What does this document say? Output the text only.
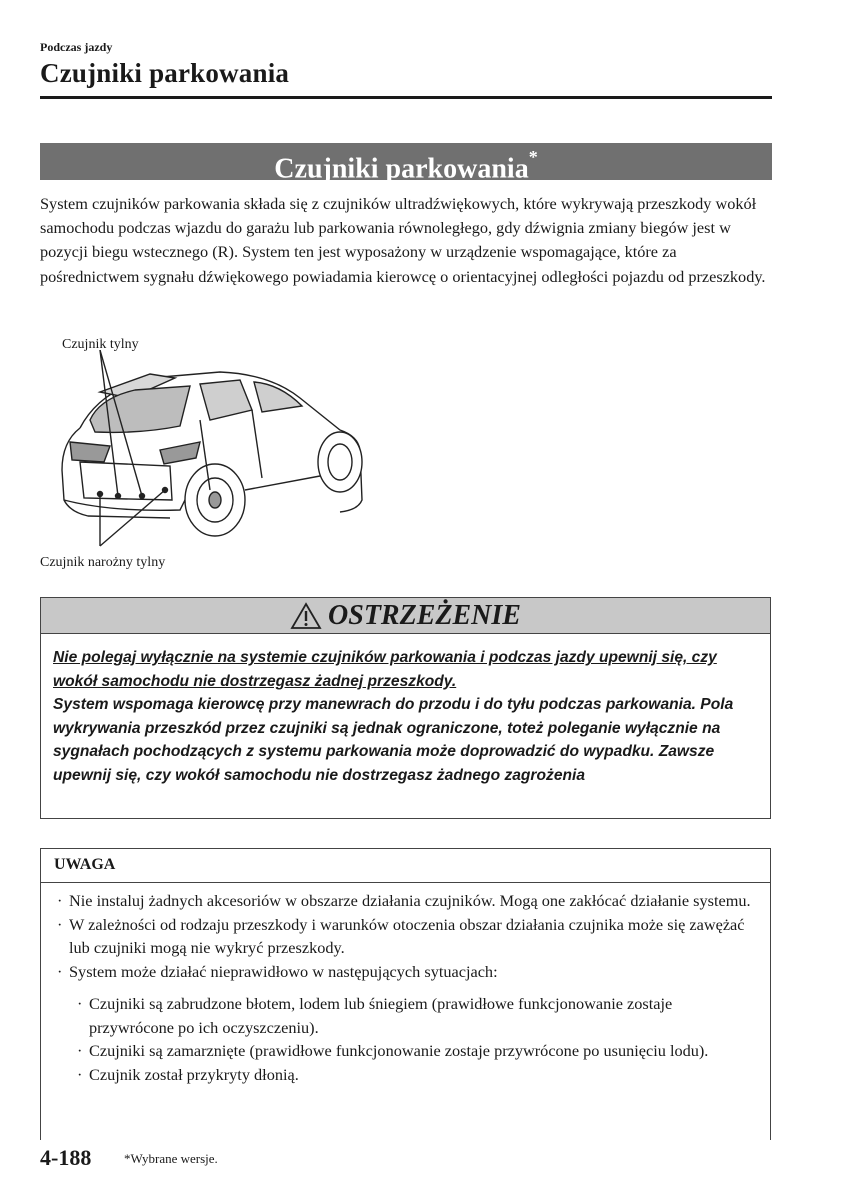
Podczas jazdy
Czujniki parkowania
Czujniki parkowania*
System czujników parkowania składa się z czujników ultradźwiękowych, które wykrywają przeszkody wokół samochodu podczas wjazdu do garażu lub parkowania równoległego, gdy dźwignia zmiany biegów jest w pozycji biegu wstecznego (R). System ten jest wyposażony w urządzenie wspomagające, które za pośrednictwem sygnału dźwiękowego powiadamia kierowcę o orientacyjnej odległości pojazdu od przeszkody.
Czujnik tylny
Czujnik narożny tylny
OSTRZEŻENIE
Nie polegaj wyłącznie na systemie czujników parkowania i podczas jazdy upewnij się, czy wokół samochodu nie dostrzegasz żadnej przeszkody.
System wspomaga kierowcę przy manewrach do przodu i do tyłu podczas parkowania. Pola wykrywania przeszkód przez czujniki są jednak ograniczone, toteż poleganie wyłącznie na sygnałach pochodzących z systemu parkowania może doprowadzić do wypadku. Zawsze upewnij się, czy wokół samochodu nie dostrzegasz żadnego zagrożenia
UWAGA
· Nie instaluj żadnych akcesoriów w obszarze działania czujników. Mogą one zakłócać działanie systemu.
· W zależności od rodzaju przeszkody i warunków otoczenia obszar działania czujnika może się zawężać lub czujniki mogą nie wykryć przeszkody.
· System może działać nieprawidłowo w następujących sytuacjach:
· Czujniki są zabrudzone błotem, lodem lub śniegiem (prawidłowe funkcjonowanie zostaje przywrócone po ich oczyszczeniu).
· Czujniki są zamarznięte (prawidłowe funkcjonowanie zostaje przywrócone po usunięciu lodu).
· Czujnik został przykryty dłonią.
4-188	*Wybrane wersje.
